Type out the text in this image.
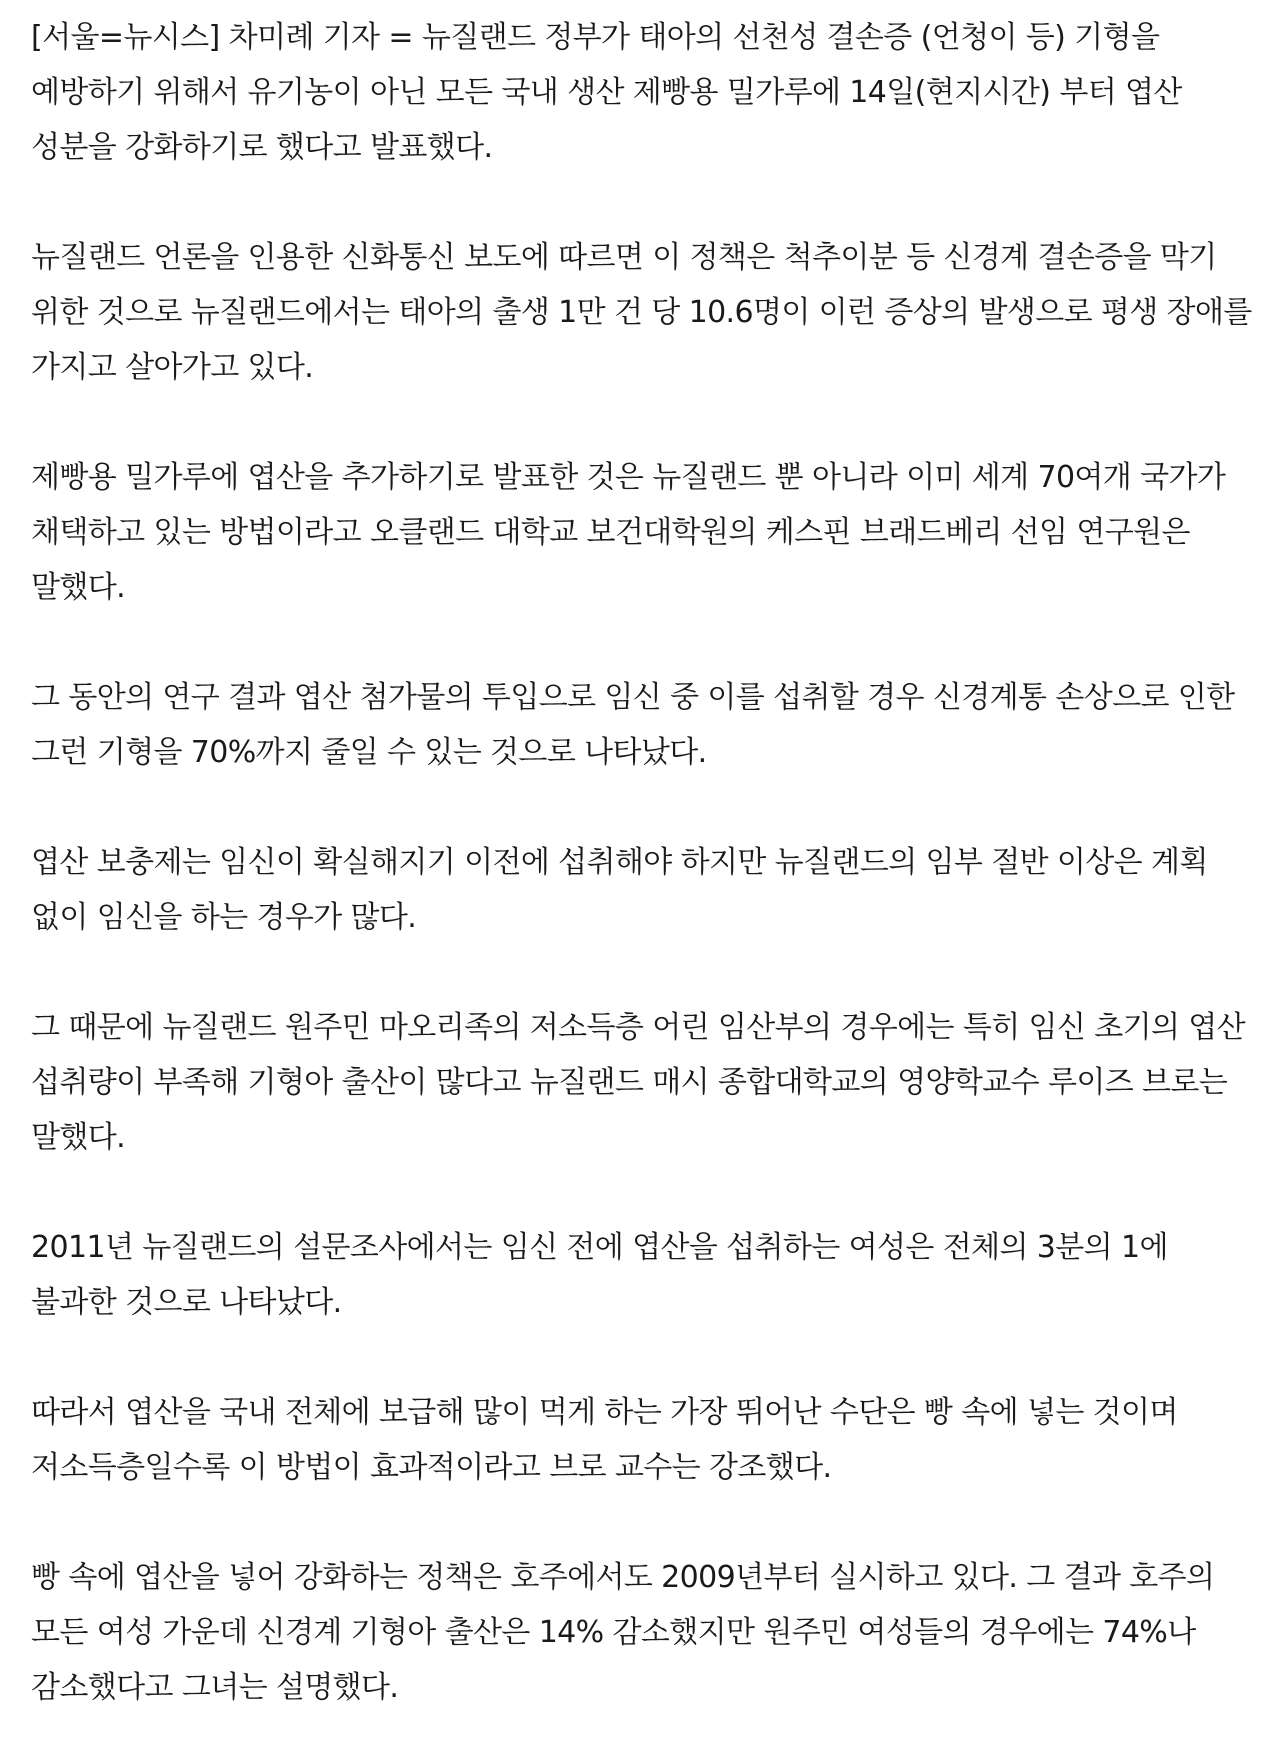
[서울=뉴시스] 차미례 기자 = 뉴질랜드 정부가 태아의 선천성 결손증 (언청이 등) 기형을 예방하기 위해서 유기농이 아닌 모든 국내 생산 제빵용 밀가루에 14일(현지시간) 부터 엽산 성분을 강화하기로 했다고 발표했다.

뉴질랜드 언론을 인용한 신화통신 보도에 따르면 이 정책은 척추이분 등 신경계 결손증을 막기 위한 것으로 뉴질랜드에서는 태아의 출생 1만 건 당 10.6명이 이런 증상의 발생으로 평생 장애를 가지고 살아가고 있다.

제빵용 밀가루에 엽산을 추가하기로 발표한 것은 뉴질랜드 뿐 아니라 이미 세계 70여개 국가가 채택하고 있는 방법이라고 오클랜드 대학교 보건대학원의 케스핀 브래드베리 선임 연구원은 말했다.

그 동안의 연구 결과 엽산 첨가물의 투입으로 임신 중 이를 섭취할 경우 신경계통 손상으로 인한 그런 기형을 70%까지 줄일 수 있는 것으로 나타났다.

엽산 보충제는 임신이 확실해지기 이전에 섭취해야 하지만 뉴질랜드의 임부 절반 이상은 계획 없이 임신을 하는 경우가 많다.

그 때문에 뉴질랜드 원주민 마오리족의 저소득층 어린 임산부의 경우에는 특히 임신 초기의 엽산 섭취량이 부족해 기형아 출산이 많다고 뉴질랜드 매시 종합대학교의 영양학교수 루이즈 브로는 말했다.

2011년 뉴질랜드의 설문조사에서는 임신 전에 엽산을 섭취하는 여성은 전체의 3분의 1에 불과한 것으로 나타났다.

따라서 엽산을 국내 전체에 보급해 많이 먹게 하는 가장 뛰어난 수단은 빵 속에 넣는 것이며 저소득층일수록 이 방법이 효과적이라고 브로 교수는 강조했다.

빵 속에 엽산을 넣어 강화하는 정책은 호주에서도 2009년부터 실시하고 있다. 그 결과 호주의 모든 여성 가운데 신경계 기형아 출산은 14% 감소했지만 원주민 여성들의 경우에는 74%나 감소했다고 그녀는 설명했다.
